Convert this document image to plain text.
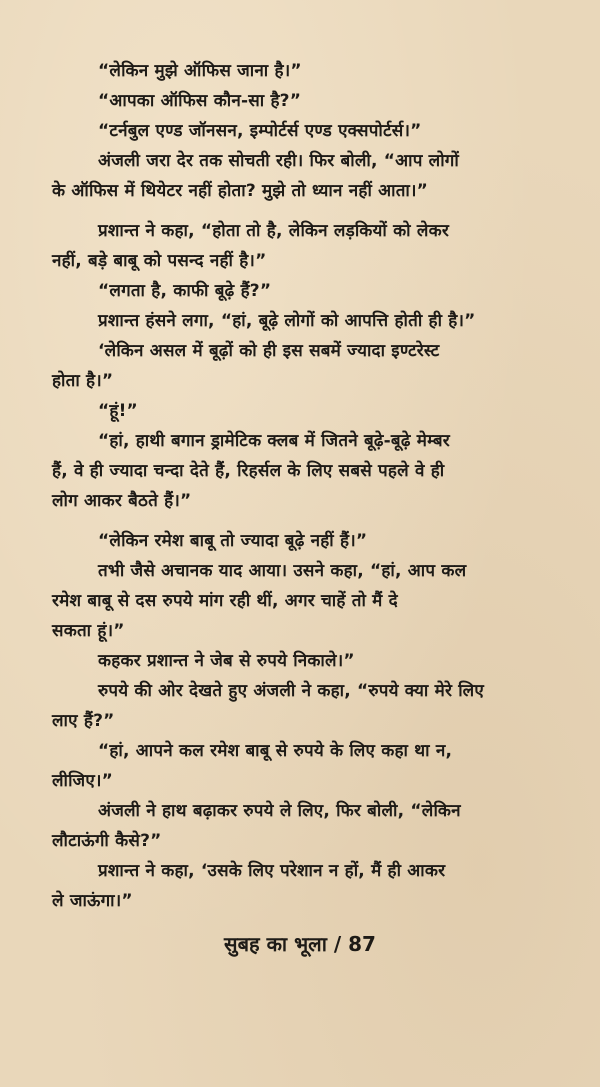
“लेकिन मुझे ऑफिस जाना है।”
“आपका ऑफिस कौन-सा है?”
“टर्नबुल एण्ड जॉनसन, इम्पोर्टर्स एण्ड एक्सपोर्टर्स।”
अंजली जरा देर तक सोचती रही। फिर बोली, “आप लोगों
के ऑफिस में थियेटर नहीं होता? मुझे तो ध्यान नहीं आता।”
प्रशान्त ने कहा, “होता तो है, लेकिन लड़कियों को लेकर
नहीं, बड़े बाबू को पसन्द नहीं है।”
“लगता है, काफी बूढ़े हैं?”
प्रशान्त हंसने लगा, “हां, बूढ़े लोगों को आपत्ति होती ही है।”
‘लेकिन असल में बूढ़ों को ही इस सबमें ज्यादा इण्टरेस्ट
होता है।”
“हूं!”
“हां, हाथी बगान ड्रामेटिक क्लब में जितने बूढ़े-बूढ़े मेम्बर
हैं, वे ही ज्यादा चन्दा देते हैं, रिहर्सल के लिए सबसे पहले वे ही
लोग आकर बैठते हैं।”
“लेकिन रमेश बाबू तो ज्यादा बूढ़े नहीं हैं।”
तभी जैसे अचानक याद आया। उसने कहा, “हां, आप कल
रमेश बाबू से दस रुपये मांग रही थीं, अगर चाहें तो मैं दे
सकता हूं।”
कहकर प्रशान्त ने जेब से रुपये निकाले।”
रुपये की ओर देखते हुए अंजली ने कहा, “रुपये क्या मेरे लिए
लाए हैं?”
“हां, आपने कल रमेश बाबू से रुपये के लिए कहा था न,
लीजिए।”
अंजली ने हाथ बढ़ाकर रुपये ले लिए, फिर बोली, “लेकिन
लौटाऊंगी कैसे?”
प्रशान्त ने कहा, ‘उसके लिए परेशान न हों, मैं ही आकर
ले जाऊंगा।”
सुबह का भूला / 87
